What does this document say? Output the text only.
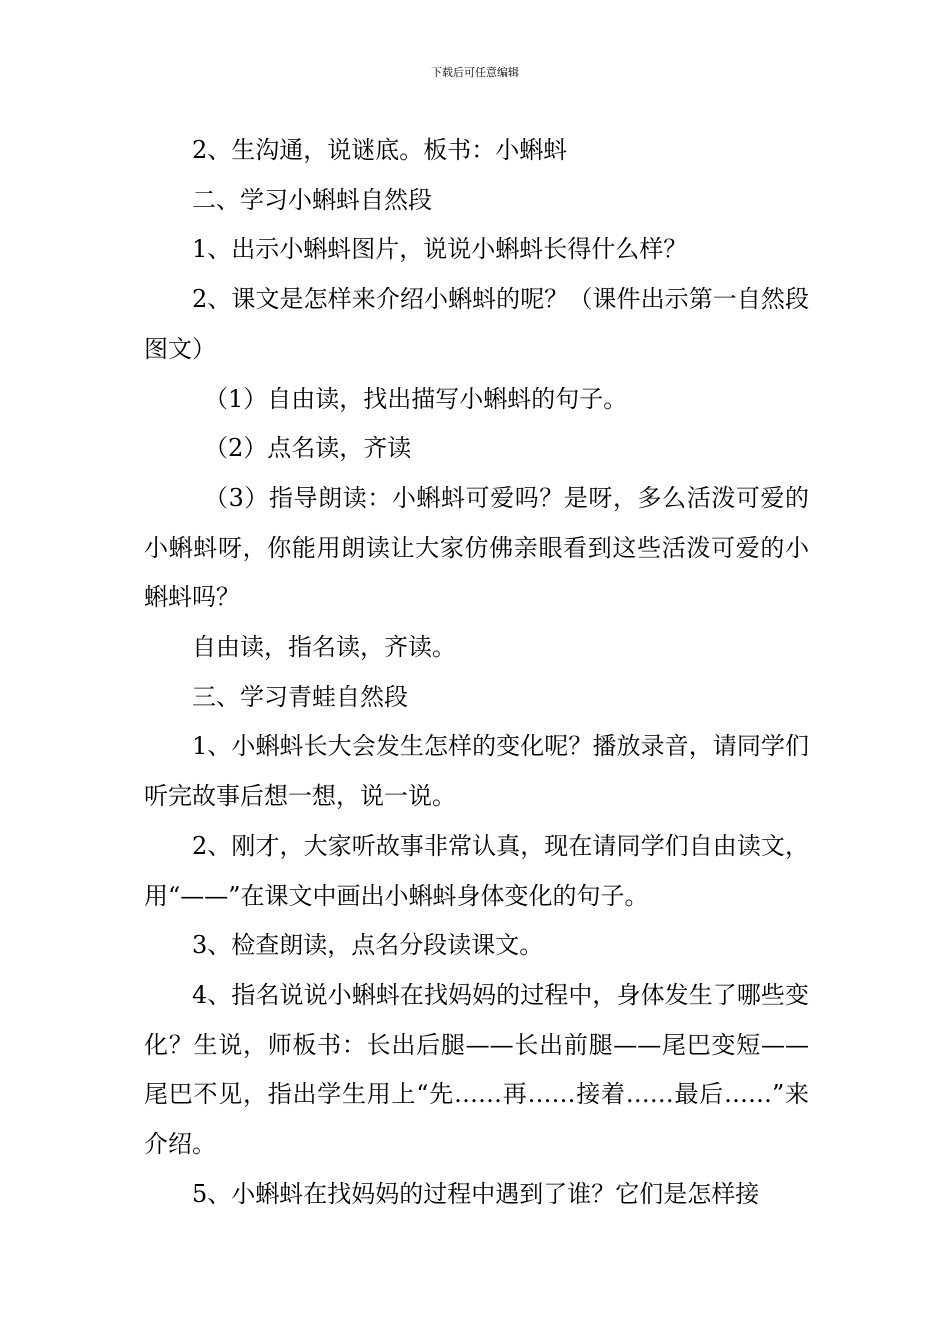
下载后可任意编辑

2、生沟通，说谜底。板书：小蝌蚪

二、学习小蝌蚪自然段

1、出示小蝌蚪图片，说说小蝌蚪长得什么样？

2、课文是怎样来介绍小蝌蚪的呢？（课件出示第一自然段图文）

（1）自由读，找出描写小蝌蚪的句子。

（2）点名读，齐读

（3）指导朗读：小蝌蚪可爱吗？是呀，多么活泼可爱的小蝌蚪呀，你能用朗读让大家仿佛亲眼看到这些活泼可爱的小蝌蚪吗？

自由读，指名读，齐读。

三、学习青蛙自然段

1、小蝌蚪长大会发生怎样的变化呢？播放录音，请同学们听完故事后想一想，说一说。

2、刚才，大家听故事非常认真，现在请同学们自由读文，用“——”在课文中画出小蝌蚪身体变化的句子。

3、检查朗读，点名分段读课文。

4、指名说说小蝌蚪在找妈妈的过程中，身体发生了哪些变化？生说，师板书：长出后腿——长出前腿——尾巴变短——尾巴不见，指出学生用上“先……再……接着……最后……”来介绍。

5、小蝌蚪在找妈妈的过程中遇到了谁？它们是怎样接
